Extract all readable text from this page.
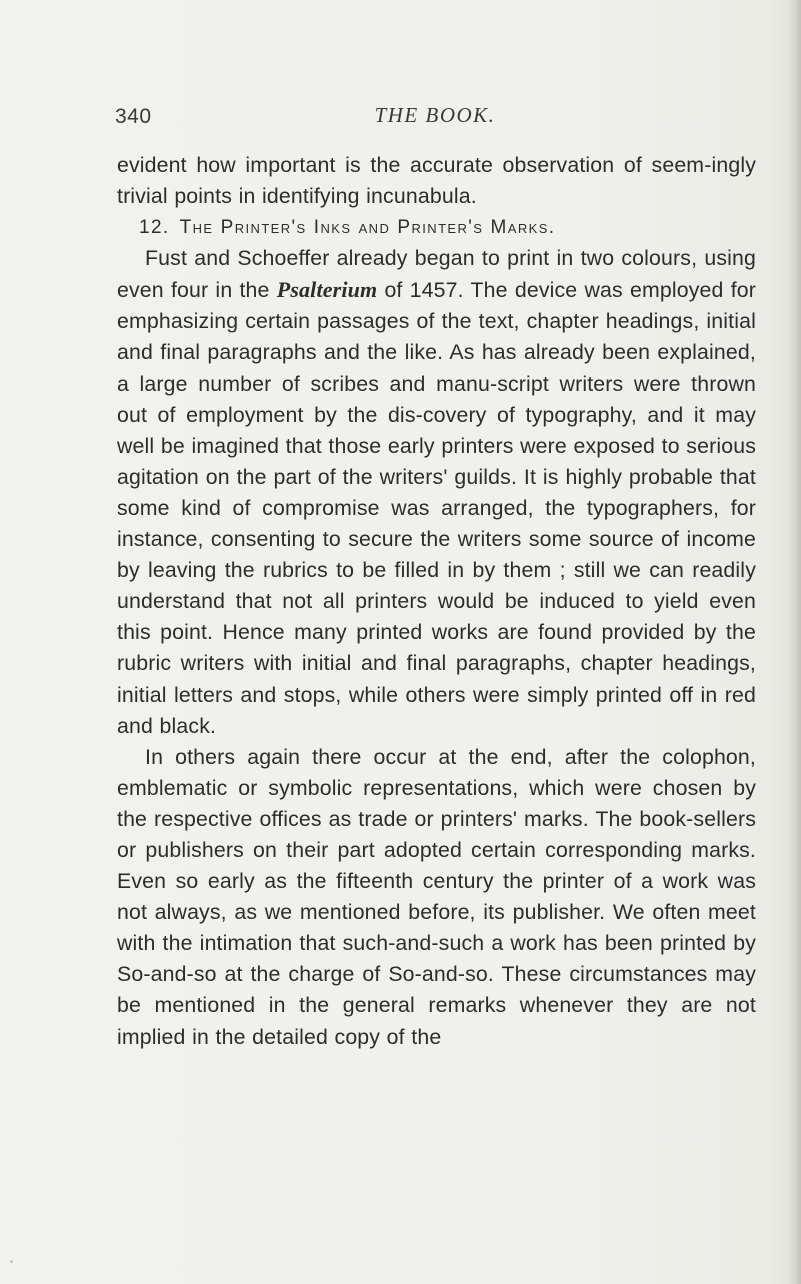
340	THE BOOK.

evident how important is the accurate observation of seem-ingly trivial points in identifying incunabula.

12. The Printer's Inks and Printer's Marks.

Fust and Schoeffer already began to print in two colours, using even four in the Psalterium of 1457. The device was employed for emphasizing certain passages of the text, chapter headings, initial and final paragraphs and the like. As has already been explained, a large number of scribes and manu-script writers were thrown out of employment by the dis-covery of typography, and it may well be imagined that those early printers were exposed to serious agitation on the part of the writers' guilds. It is highly probable that some kind of compromise was arranged, the typographers, for instance, consenting to secure the writers some source of income by leaving the rubrics to be filled in by them ; still we can readily understand that not all printers would be induced to yield even this point. Hence many printed works are found provided by the rubric writers with initial and final paragraphs, chapter headings, initial letters and stops, while others were simply printed off in red and black.

In others again there occur at the end, after the colophon, emblematic or symbolic representations, which were chosen by the respective offices as trade or printers' marks. The book-sellers or publishers on their part adopted certain corresponding marks. Even so early as the fifteenth century the printer of a work was not always, as we mentioned before, its publisher. We often meet with the intimation that such-and-such a work has been printed by So-and-so at the charge of So-and-so. These circumstances may be mentioned in the general remarks whenever they are not implied in the detailed copy of the
